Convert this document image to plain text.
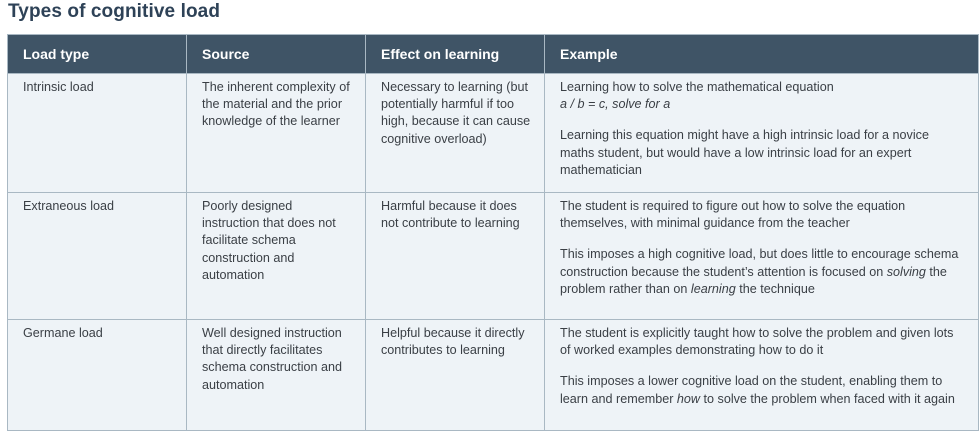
Types of cognitive load
Load type	Source	Effect on learning	Example
Intrinsic load	The inherent complexity of the material and the prior knowledge of the learner	Necessary to learning (but potentially harmful if too high, because it can cause cognitive overload)	Learning how to solve the mathematical equation
a / b = c, solve for a

Learning this equation might have a high intrinsic load for a novice maths student, but would have a low intrinsic load for an expert mathematician

Extraneous load	Poorly designed instruction that does not facilitate schema construction and automation	Harmful because it does not contribute to learning	The student is required to figure out how to solve the equation themselves, with minimal guidance from the teacher

This imposes a high cognitive load, but does little to encourage schema construction because the student’s attention is focused on solving the problem rather than on learning the technique

Germane load	Well designed instruction that directly facilitates schema construction and automation	Helpful because it directly contributes to learning	The student is explicitly taught how to solve the problem and given lots of worked examples demonstrating how to do it

This imposes a lower cognitive load on the student, enabling them to learn and remember how to solve the problem when faced with it again
